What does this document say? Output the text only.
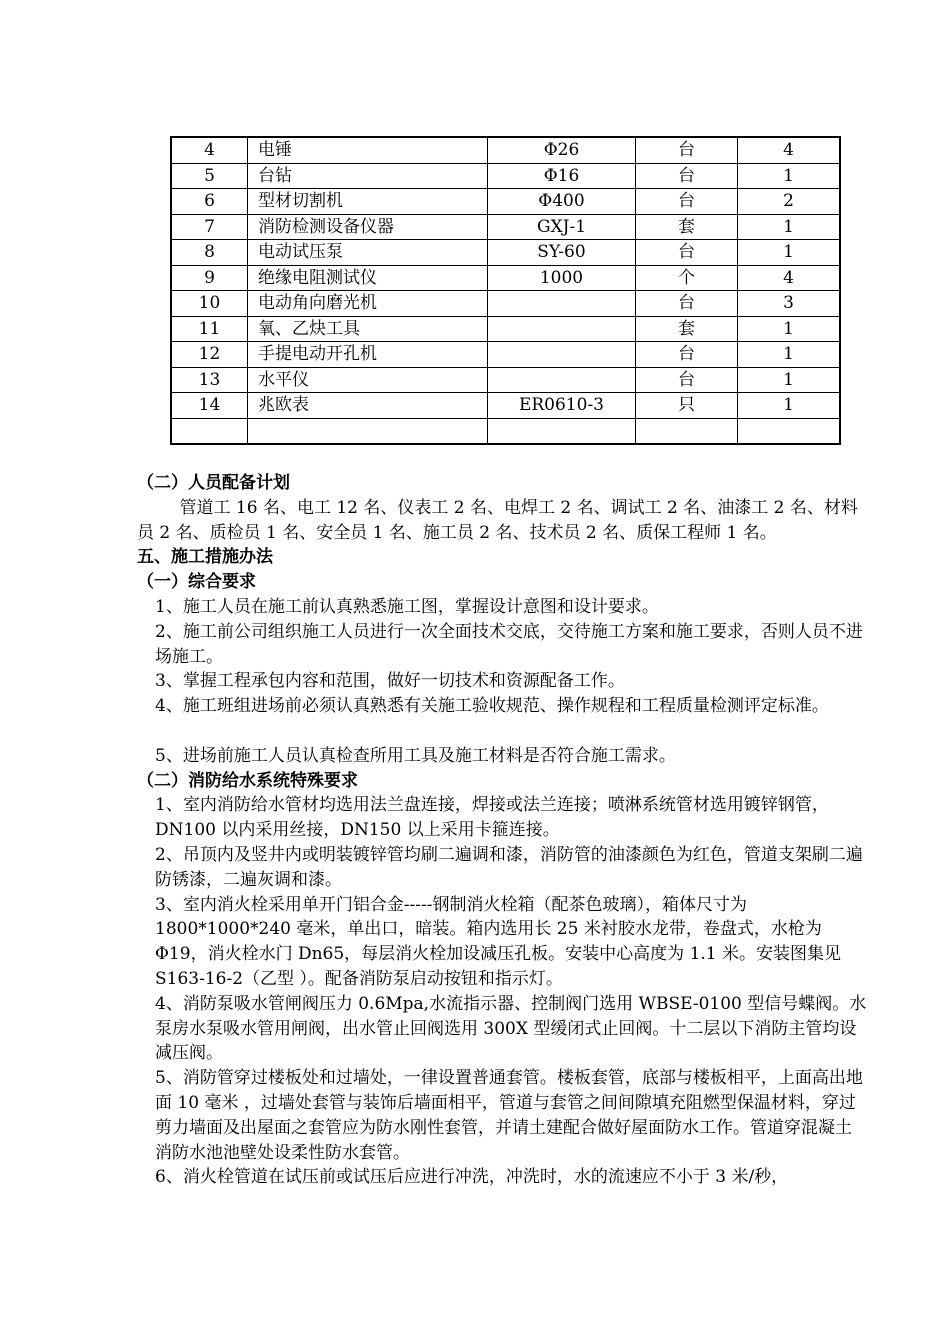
4	电锤	Φ26	台	4
5	台钻	Φ16	台	1
6	型材切割机	Φ400	台	2
7	消防检测设备仪器	GXJ-1	套	1
8	电动试压泵	SY-60	台	1
9	绝缘电阻测试仪	1000	个	4
10	电动角向磨光机		台	3
11	氧、乙炔工具		套	1
12	手提电动开孔机		台	1
13	水平仪		台	1
14	兆欧表	ER0610-3	只	1

（二）人员配备计划

管道工 16 名、电工 12 名、仪表工 2 名、电焊工 2 名、调试工 2 名、油漆工 2 名、材料员 2 名、质检员 1 名、安全员 1 名、施工员 2 名、技术员 2 名、质保工程师 1 名。

五、施工措施办法

（一）综合要求

1、施工人员在施工前认真熟悉施工图，掌握设计意图和设计要求。

2、施工前公司组织施工人员进行一次全面技术交底，交待施工方案和施工要求，否则人员不进场施工。

3、掌握工程承包内容和范围，做好一切技术和资源配备工作。

4、施工班组进场前必须认真熟悉有关施工验收规范、操作规程和工程质量检测评定标准。

5、进场前施工人员认真检查所用工具及施工材料是否符合施工需求。

（二）消防给水系统特殊要求

1、室内消防给水管材均选用法兰盘连接，焊接或法兰连接；喷淋系统管材选用镀锌钢管，DN100 以内采用丝接，DN150 以上采用卡箍连接。

2、吊顶内及竖井内或明装镀锌管均刷二遍调和漆，消防管的油漆颜色为红色，管道支架刷二遍防锈漆，二遍灰调和漆。

3、室内消火栓采用单开门铝合金-----钢制消火栓箱（配茶色玻璃），箱体尺寸为 1800*1000*240 毫米，单出口，暗装。箱内选用长 25 米衬胶水龙带，卷盘式，水枪为Φ19，消火栓水门 Dn65，每层消火栓加设减压孔板。安装中心高度为 1.1 米。安装图集见 S163-16-2（乙型 ）。配备消防泵启动按钮和指示灯。

4、消防泵吸水管闸阀压力 0.6Mpa,水流指示器、控制阀门选用 WBSE-0100 型信号蝶阀。水泵房水泵吸水管用闸阀，出水管止回阀选用 300X 型缓闭式止回阀。十二层以下消防主管均设减压阀。

5、消防管穿过楼板处和过墙处，一律设置普通套管。楼板套管，底部与楼板相平，上面高出地面 10 毫米 ，过墙处套管与装饰后墙面相平，管道与套管之间间隙填充阻燃型保温材料，穿过剪力墙面及出屋面之套管应为防水刚性套管，并请土建配合做好屋面防水工作。管道穿混凝土消防水池池壁处设柔性防水套管。

6、消火栓管道在试压前或试压后应进行冲洗，冲洗时，水的流速应不小于 3 米/秒，
